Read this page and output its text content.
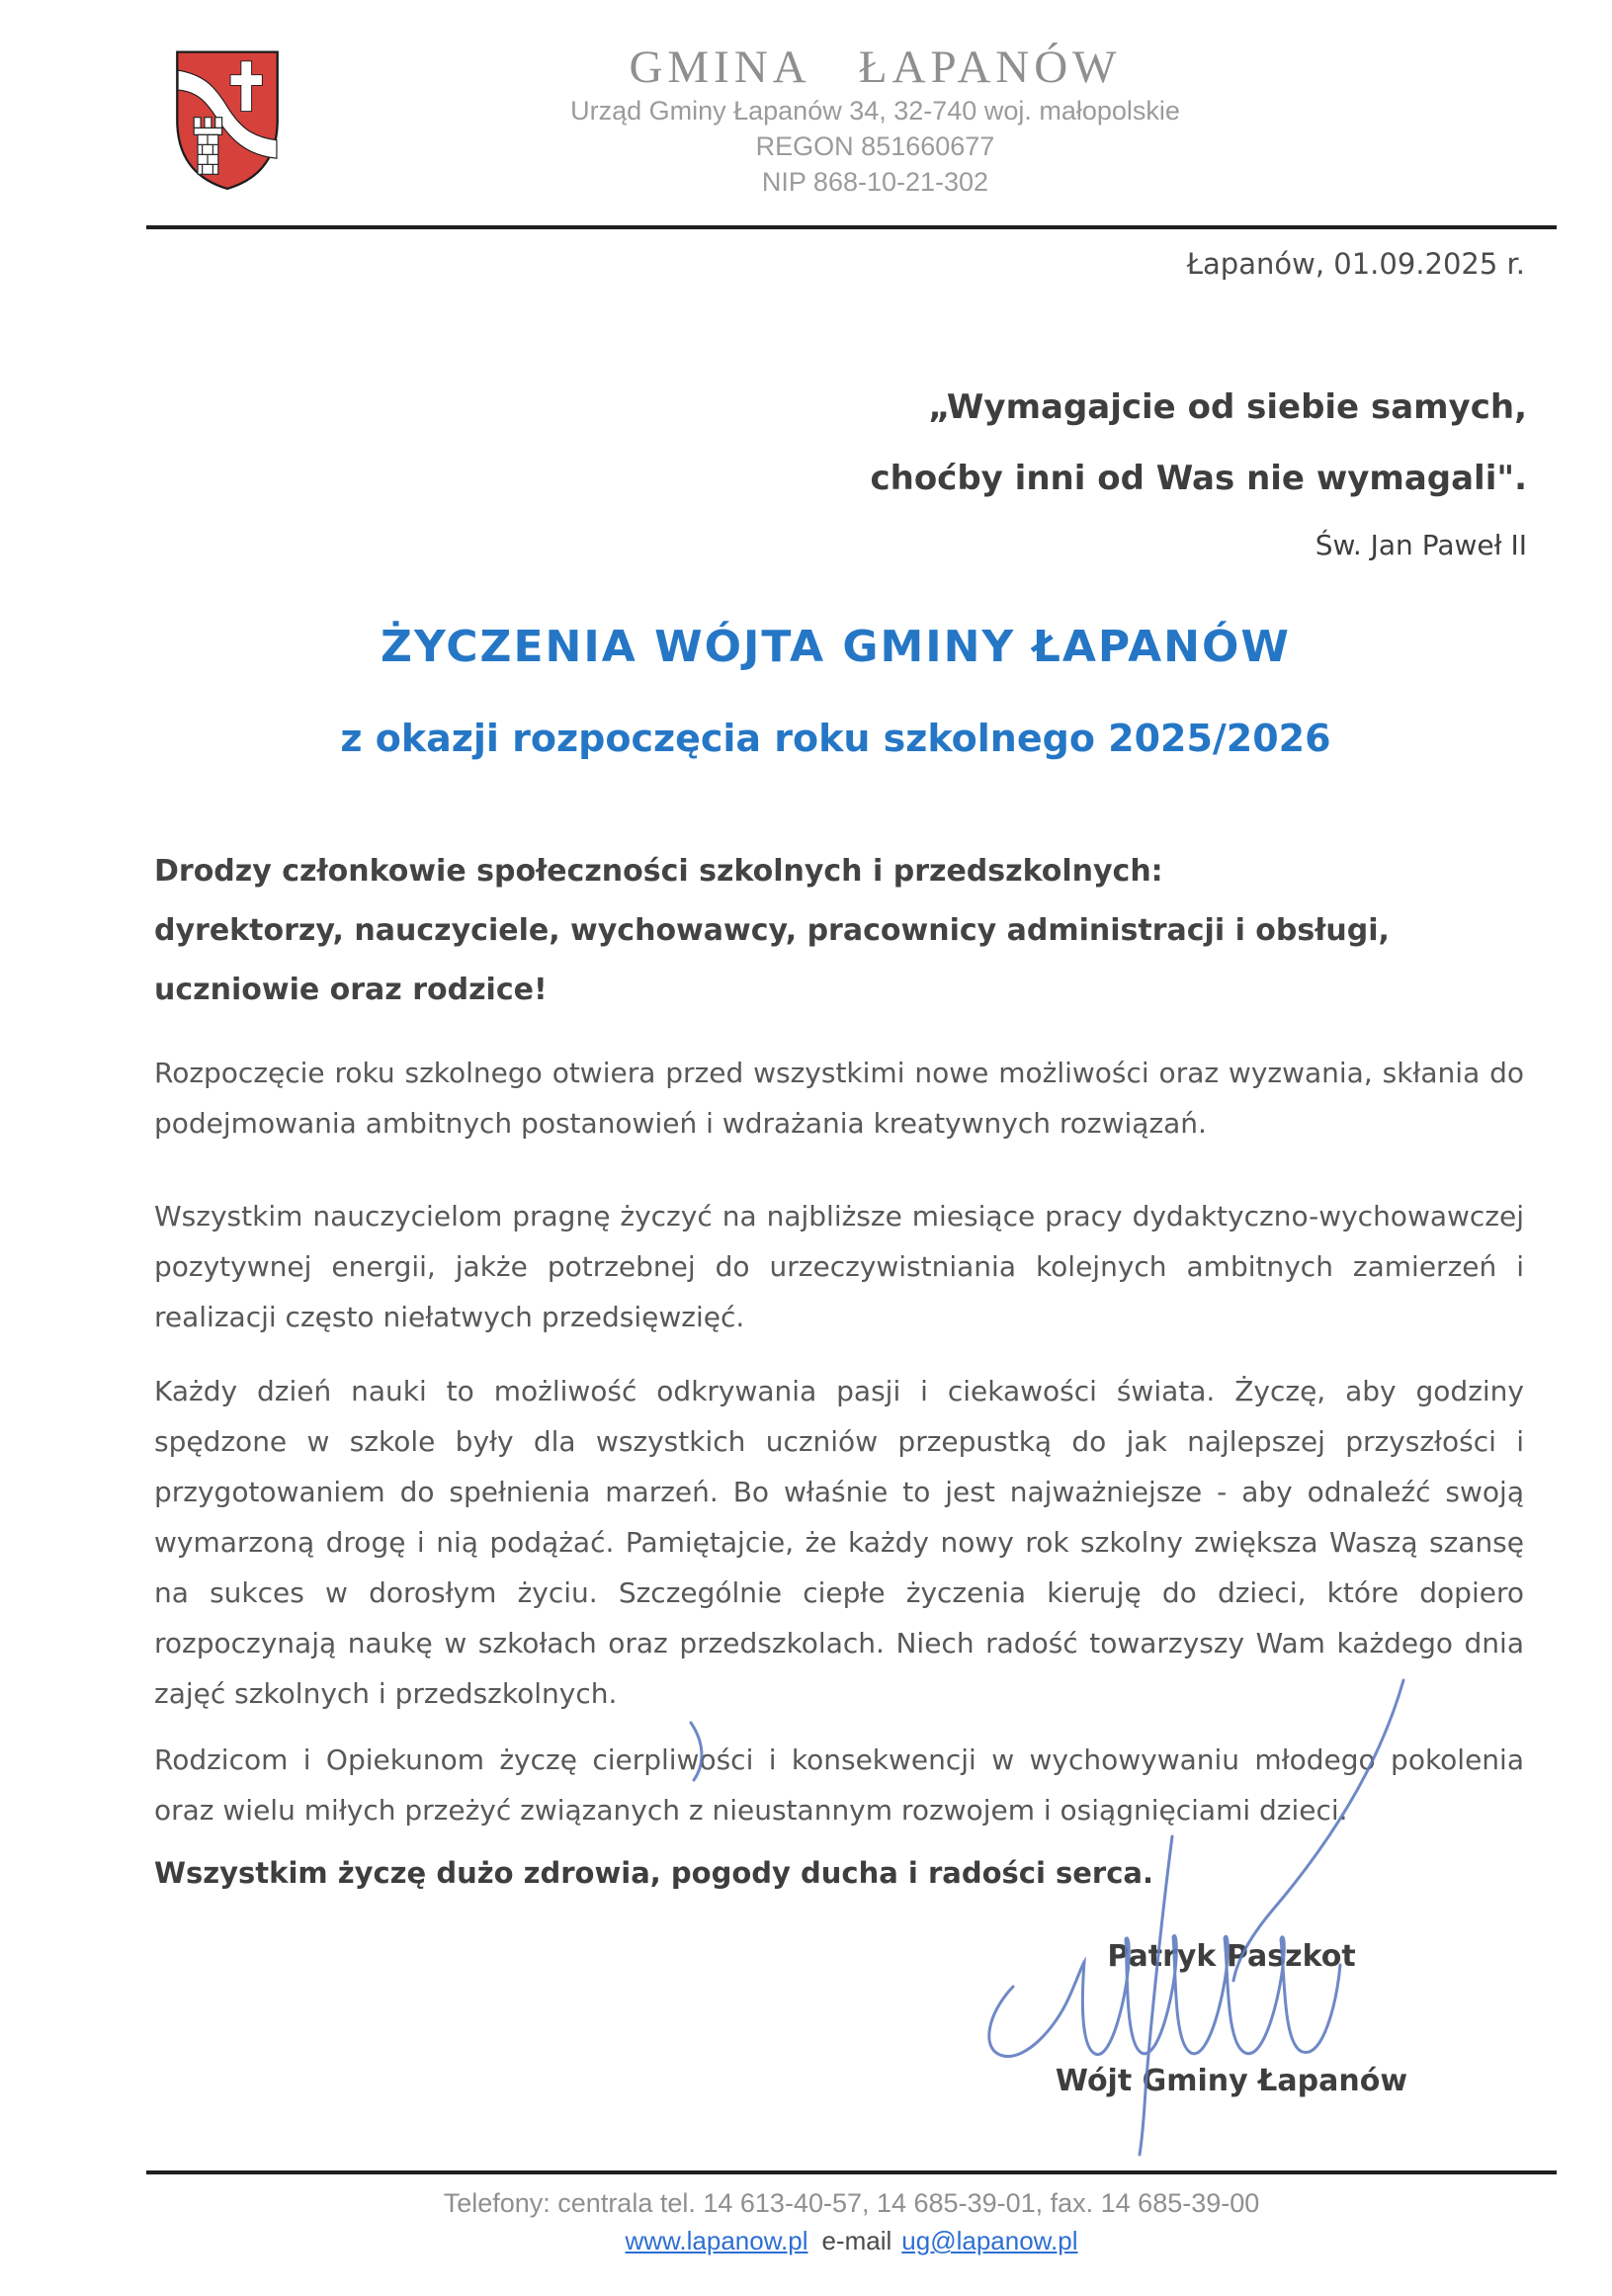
GMINA ŁAPANÓW
Urząd Gminy Łapanów 34, 32-740 woj. małopolskie
REGON 851660677
NIP 868-10-21-302
Łapanów, 01.09.2025 r.
„Wymagajcie od siebie samych,
choćby inni od Was nie wymagali".
Św. Jan Paweł II
ŻYCZENIA WÓJTA GMINY ŁAPANÓW
z okazji rozpoczęcia roku szkolnego 2025/2026
Drodzy członkowie społeczności szkolnych i przedszkolnych:
dyrektorzy, nauczyciele, wychowawcy, pracownicy administracji i obsługi,
uczniowie oraz rodzice!
Rozpoczęcie roku szkolnego otwiera przed wszystkimi nowe możliwości oraz wyzwania, skłania do podejmowania ambitnych postanowień i wdrażania kreatywnych rozwiązań.
Wszystkim nauczycielom pragnę życzyć na najbliższe miesiące pracy dydaktyczno-wychowawczej pozytywnej energii, jakże potrzebnej do urzeczywistniania kolejnych ambitnych zamierzeń i realizacji często niełatwych przedsięwzięć.
Każdy dzień nauki to możliwość odkrywania pasji i ciekawości świata. Życzę, aby godziny spędzone w szkole były dla wszystkich uczniów przepustką do jak najlepszej przyszłości i przygotowaniem do spełnienia marzeń. Bo właśnie to jest najważniejsze - aby odnaleźć swoją wymarzoną drogę i nią podążać. Pamiętajcie, że każdy nowy rok szkolny zwiększa Waszą szansę na sukces w dorosłym życiu. Szczególnie ciepłe życzenia kieruję do dzieci, które dopiero rozpoczynają naukę w szkołach oraz przedszkolach. Niech radość towarzyszy Wam każdego dnia zajęć szkolnych i przedszkolnych.
Rodzicom i Opiekunom życzę cierpliwości i konsekwencji w wychowywaniu młodego pokolenia oraz wielu miłych przeżyć związanych z nieustannym rozwojem i osiągnięciami dzieci.
Wszystkim życzę dużo zdrowia, pogody ducha i radości serca.
Patryk Paszkot
Wójt Gminy Łapanów
Telefony: centrala tel. 14 613-40-57, 14 685-39-01, fax. 14 685-39-00
www.lapanow.pl e-mail ug@lapanow.pl
